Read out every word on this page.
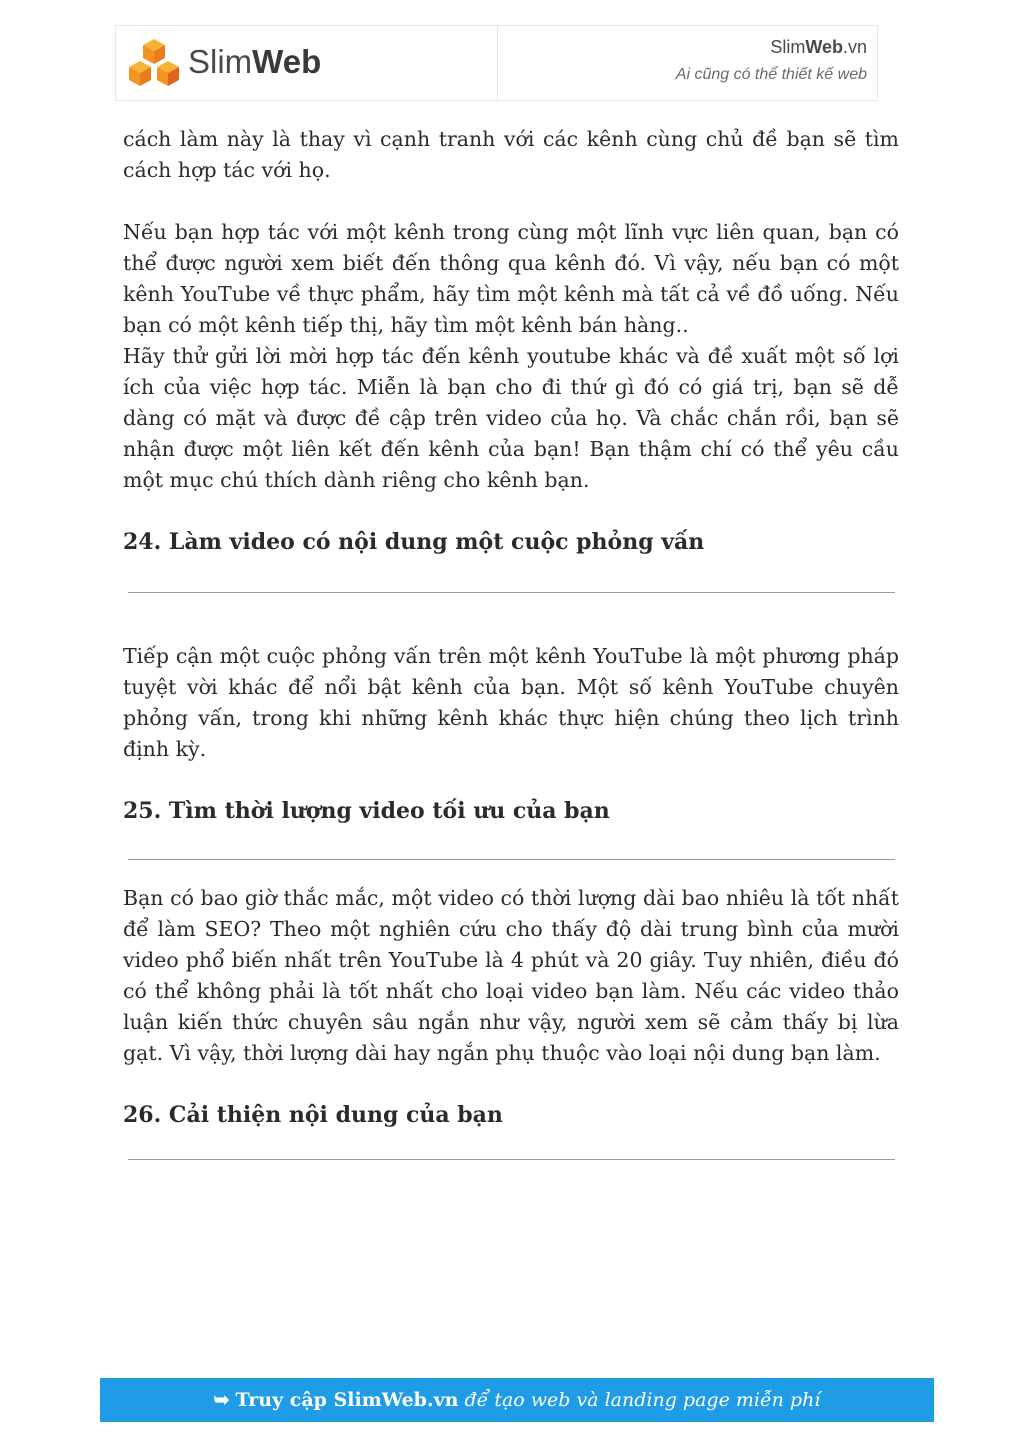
SlimWeb	SlimWeb.vn
Ai cũng có thể thiết kế web

cách làm này là thay vì cạnh tranh với các kênh cùng chủ đề bạn sẽ tìm cách hợp tác với họ.

Nếu bạn hợp tác với một kênh trong cùng một lĩnh vực liên quan, bạn có thể được người xem biết đến thông qua kênh đó. Vì vậy, nếu bạn có một kênh YouTube về thực phẩm, hãy tìm một kênh mà tất cả về đồ uống. Nếu bạn có một kênh tiếp thị, hãy tìm một kênh bán hàng..

Hãy thử gửi lời mời hợp tác đến kênh youtube khác và đề xuất một số lợi ích của việc hợp tác. Miễn là bạn cho đi thứ gì đó có giá trị, bạn sẽ dễ dàng có mặt và được đề cập trên video của họ. Và chắc chắn rồi, bạn sẽ nhận được một liên kết đến kênh của bạn! Bạn thậm chí có thể yêu cầu một mục chú thích dành riêng cho kênh bạn.

24. Làm video có nội dung một cuộc phỏng vấn

Tiếp cận một cuộc phỏng vấn trên một kênh YouTube là một phương pháp tuyệt vời khác để nổi bật kênh của bạn. Một số kênh YouTube chuyên phỏng vấn, trong khi những kênh khác thực hiện chúng theo lịch trình định kỳ.

25. Tìm thời lượng video tối ưu của bạn

Bạn có bao giờ thắc mắc, một video có thời lượng dài bao nhiêu là tốt nhất để làm SEO? Theo một nghiên cứu cho thấy độ dài trung bình của mười video phổ biến nhất trên YouTube là 4 phút và 20 giây. Tuy nhiên, điều đó có thể không phải là tốt nhất cho loại video bạn làm. Nếu các video thảo luận kiến thức chuyên sâu ngắn như vậy, người xem sẽ cảm thấy bị lừa gạt. Vì vậy, thời lượng dài hay ngắn phụ thuộc vào loại nội dung bạn làm.

26. Cải thiện nội dung của bạn
➥ Truy cập SlimWeb.vn để tạo web và landing page miễn phí
